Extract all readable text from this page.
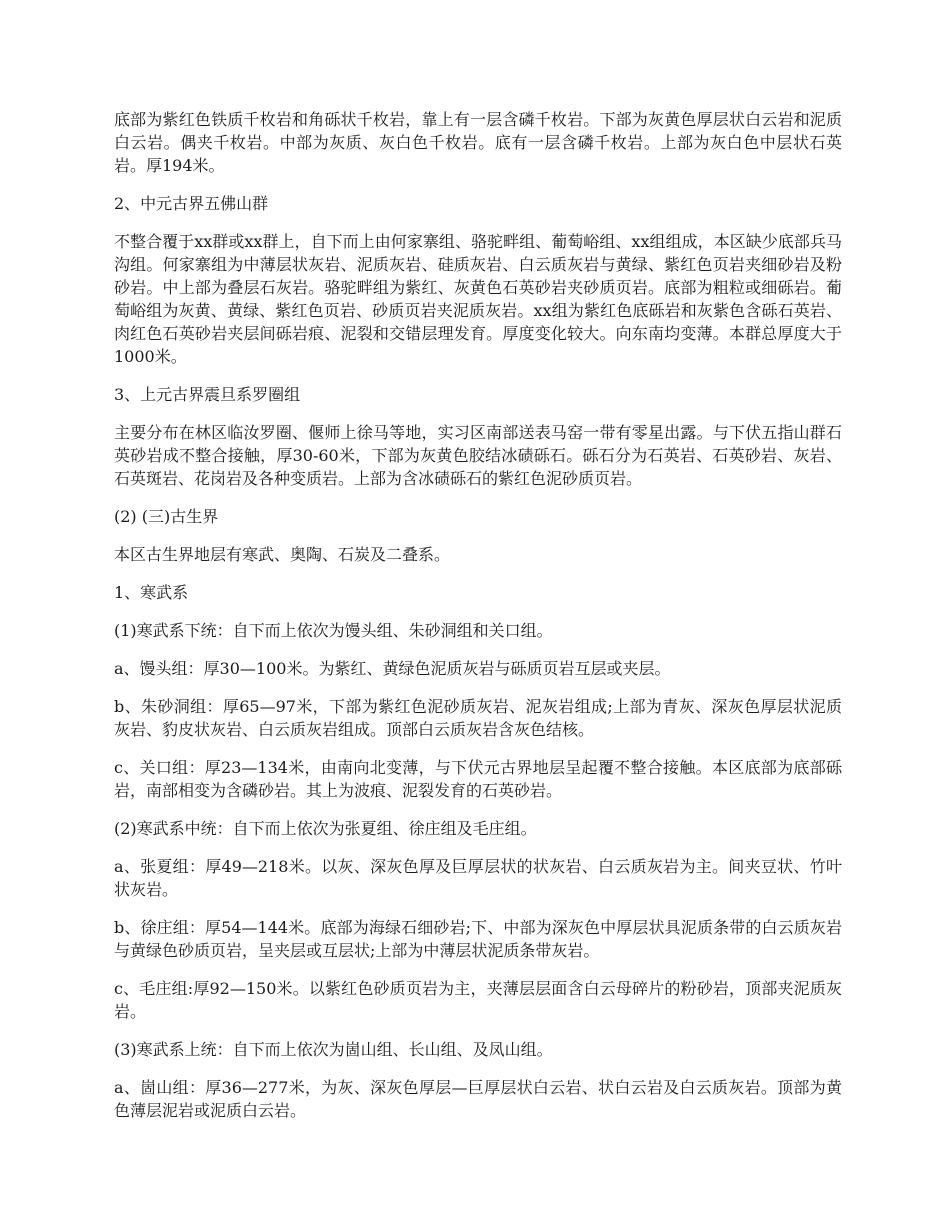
底部为紫红色铁质千枚岩和角砾状千枚岩，靠上有一层含磷千枚岩。下部为灰黄色厚层状白云岩和泥质白云岩。偶夹千枚岩。中部为灰质、灰白色千枚岩。底有一层含磷千枚岩。上部为灰白色中层状石英岩。厚194米。

2、中元古界五佛山群

不整合覆于xx群或xx群上，自下而上由何家寨组、骆驼畔组、葡萄峪组、xx组组成，本区缺少底部兵马沟组。何家寨组为中薄层状灰岩、泥质灰岩、硅质灰岩、白云质灰岩与黄绿、紫红色页岩夹细砂岩及粉砂岩。中上部为叠层石灰岩。骆驼畔组为紫红、灰黄色石英砂岩夹砂质页岩。底部为粗粒或细砾岩。葡萄峪组为灰黄、黄绿、紫红色页岩、砂质页岩夹泥质灰岩。xx组为紫红色底砾岩和灰紫色含砾石英岩、肉红色石英砂岩夹层间砾岩痕、泥裂和交错层理发育。厚度变化较大。向东南均变薄。本群总厚度大于1000米。

3、上元古界震旦系罗圈组

主要分布在林区临汝罗圈、偃师上徐马等地，实习区南部送表马窑一带有零星出露。与下伏五指山群石英砂岩成不整合接触，厚30-60米，下部为灰黄色胶结冰碛砾石。砾石分为石英岩、石英砂岩、灰岩、石英斑岩、花岗岩及各种变质岩。上部为含冰碛砾石的紫红色泥砂质页岩。

(2) (三)古生界

本区古生界地层有寒武、奥陶、石炭及二叠系。

1、寒武系

(1)寒武系下统：自下而上依次为馒头组、朱砂洞组和关口组。

a、馒头组：厚30—100米。为紫红、黄绿色泥质灰岩与砾质页岩互层或夹层。

b、朱砂洞组：厚65—97米，下部为紫红色泥砂质灰岩、泥灰岩组成;上部为青灰、深灰色厚层状泥质灰岩、豹皮状灰岩、白云质灰岩组成。顶部白云质灰岩含灰色结核。

c、关口组：厚23—134米，由南向北变薄，与下伏元古界地层呈起覆不整合接触。本区底部为底部砾岩，南部相变为含磷砂岩。其上为波痕、泥裂发育的石英砂岩。

(2)寒武系中统：自下而上依次为张夏组、徐庄组及毛庄组。

a、张夏组：厚49—218米。以灰、深灰色厚及巨厚层状的状灰岩、白云质灰岩为主。间夹豆状、竹叶状灰岩。

b、徐庄组：厚54—144米。底部为海绿石细砂岩;下、中部为深灰色中厚层状具泥质条带的白云质灰岩与黄绿色砂质页岩，呈夹层或互层状;上部为中薄层状泥质条带灰岩。

c、毛庄组:厚92—150米。以紫红色砂质页岩为主，夹薄层层面含白云母碎片的粉砂岩，顶部夹泥质灰岩。

(3)寒武系上统：自下而上依次为崮山组、长山组、及凤山组。

a、崮山组：厚36—277米，为灰、深灰色厚层—巨厚层状白云岩、状白云岩及白云质灰岩。顶部为黄色薄层泥岩或泥质白云岩。
